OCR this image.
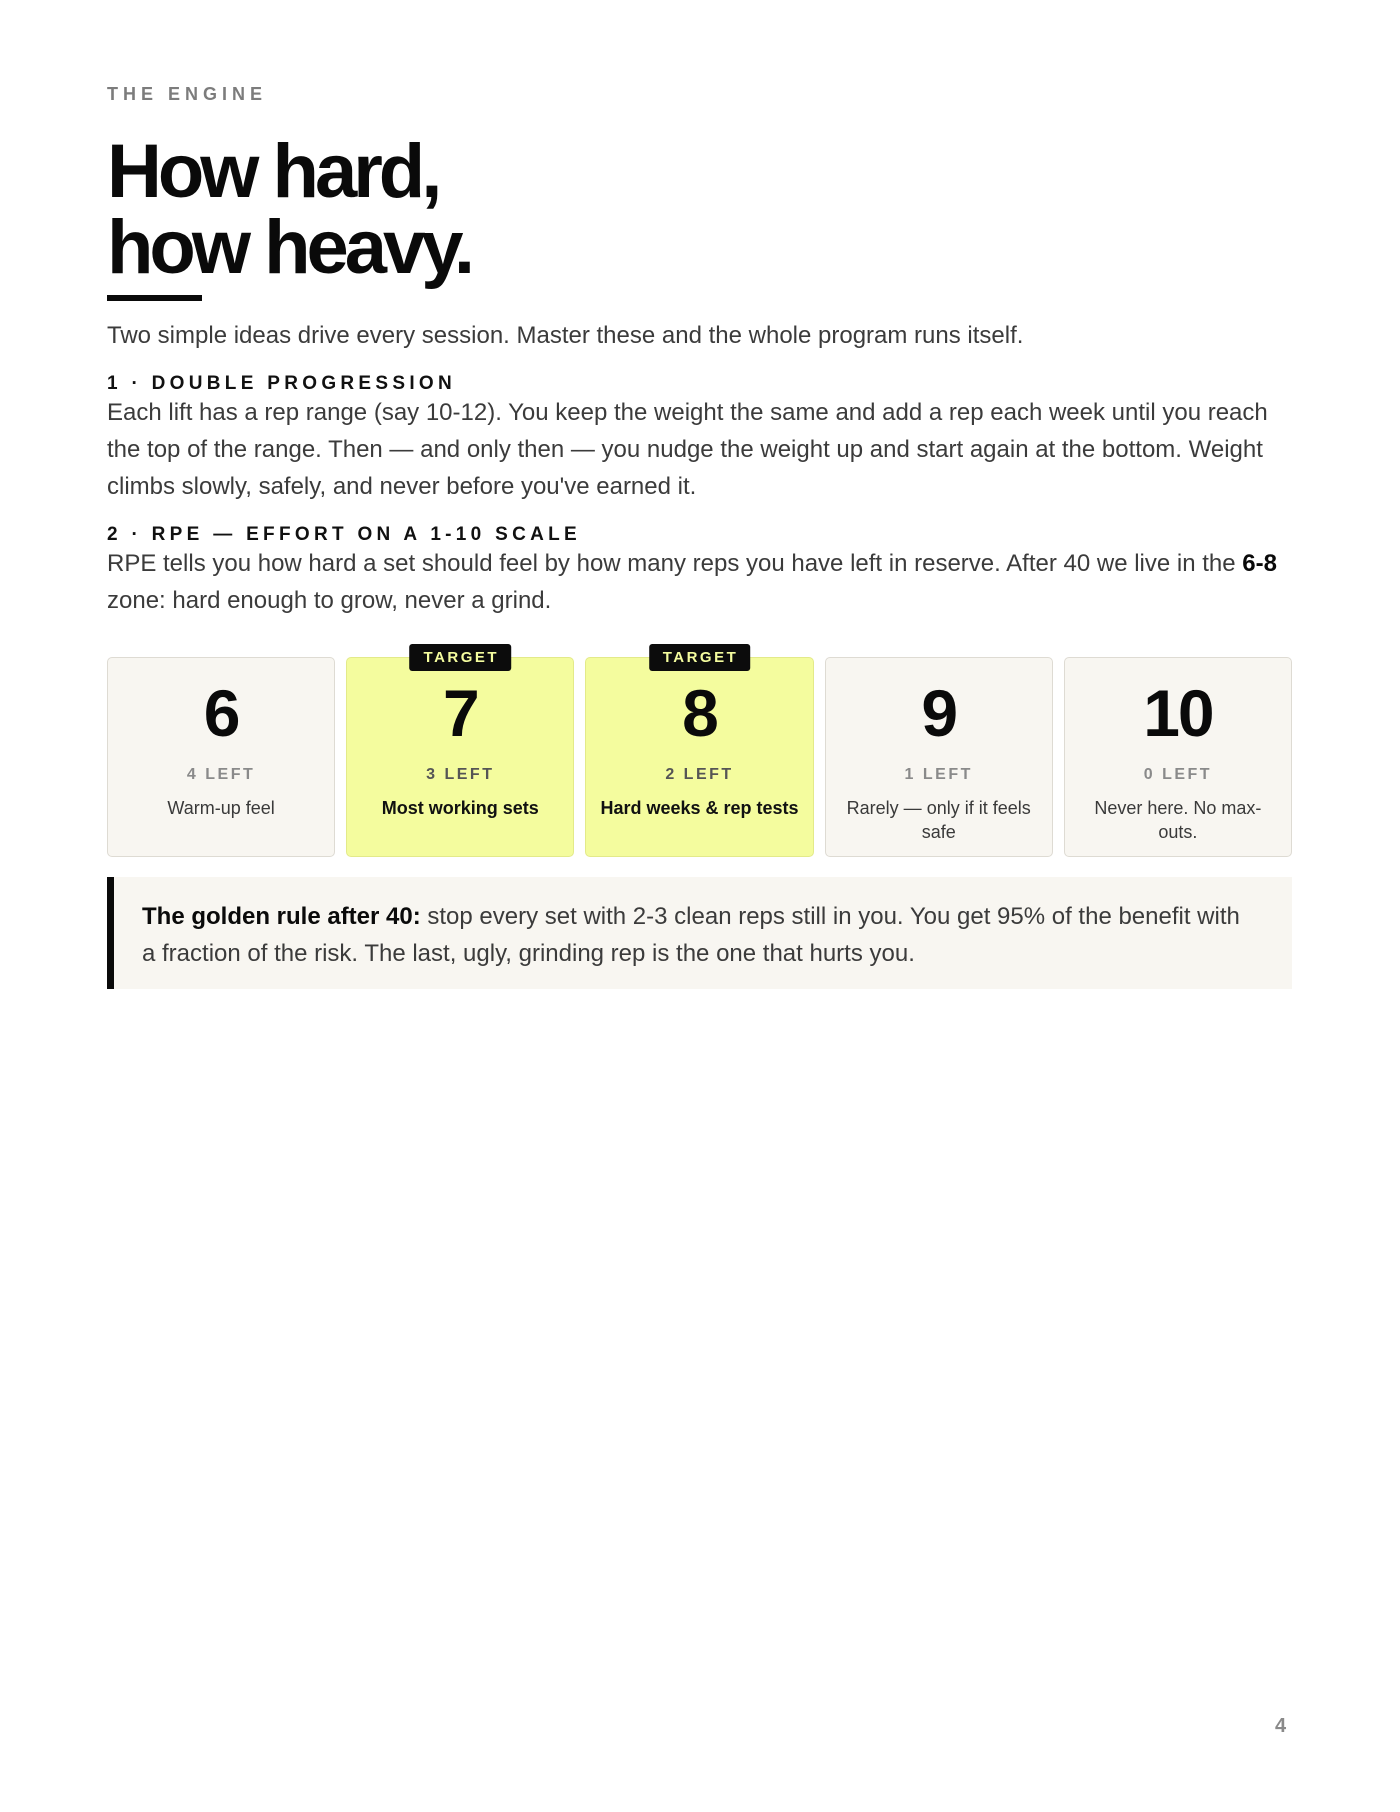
THE ENGINE
How hard,
how heavy.

Two simple ideas drive every session. Master these and the whole program runs itself.

1 · DOUBLE PROGRESSION

Each lift has a rep range (say 10-12). You keep the weight the same and add a rep each week until you reach the top of the range. Then — and only then — you nudge the weight up and start again at the bottom. Weight climbs slowly, safely, and never before you've earned it.

2 · RPE — EFFORT ON A 1-10 SCALE

RPE tells you how hard a set should feel by how many reps you have left in reserve. After 40 we live in the 6-8 zone: hard enough to grow, never a grind.

6
4 LEFT
Warm-up feel
TARGET
7
3 LEFT
Most working sets
TARGET
8
2 LEFT
Hard weeks & rep tests
9
1 LEFT
Rarely — only if it feels safe
10
0 LEFT
Never here. No max-outs.

The golden rule after 40: stop every set with 2-3 clean reps still in you. You get 95% of the benefit with a fraction of the risk. The last, ugly, grinding rep is the one that hurts you.

4
